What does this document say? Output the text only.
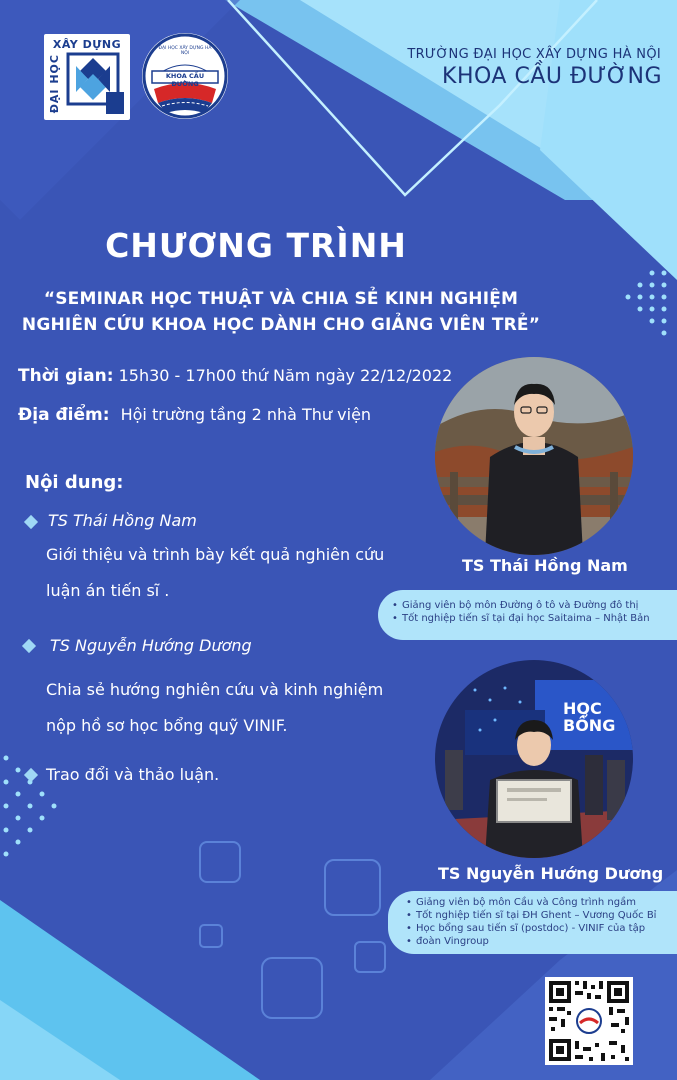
XÂY DỰNG
ĐẠI HỌC	KHOA CẦU ĐƯỜNG
ĐẠI HỌC XÂY DỰNG HÀ NỘI	TRƯỜNG ĐẠI HỌC XÂY DỰNG HÀ NỘI
KHOA CẦU ĐƯỜNG
CHƯƠNG TRÌNH
“SEMINAR HỌC THUẬT VÀ CHIA SẺ KINH NGHIỆM
NGHIÊN CỨU KHOA HỌC DÀNH CHO GIẢNG VIÊN TRẺ”
Thời gian: 15h30 - 17h00 thứ Năm ngày 22/12/2022
Địa điểm: Hội trường tầng 2 nhà Thư viện
Nội dung:
TS Thái Hồng Nam
Giới thiệu và trình bày kết quả nghiên cứu
luận án tiến sĩ .
TS Nguyễn Hướng Dương
Chia sẻ hướng nghiên cứu và kinh nghiệm
nộp hồ sơ học bổng quỹ VINIF.
Trao đổi và thảo luận.
TS Thái Hồng Nam
• Giảng viên bộ môn Đường ô tô và Đường đô thị
• Tốt nghiệp tiến sĩ tại đại học Saitaima – Nhật Bản
HỌC BỔNG
TS Nguyễn Hướng Dương
• Giảng viên bộ môn Cầu và Công trình ngầm
• Tốt nghiệp tiến sĩ tại ĐH Ghent – Vương Quốc Bỉ
• Học bổng sau tiến sĩ (postdoc) - VINIF của tập
• đoàn Vingroup
